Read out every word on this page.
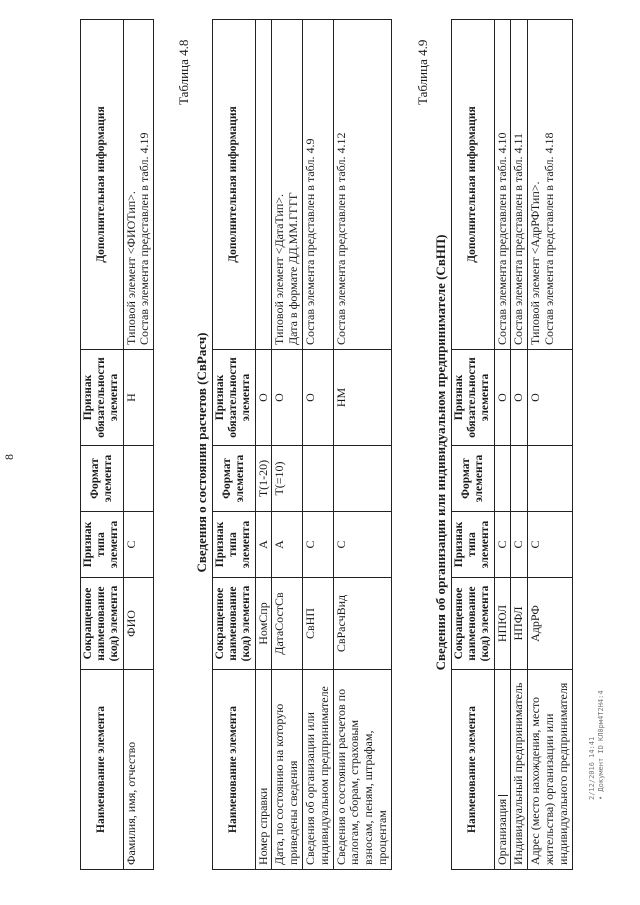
8
Наименование элемента	Сокращенное наименование (код) элемента	Признак типа элемента	Формат элемента	Признак обязательности элемента	Дополнительная информация
Фамилия, имя, отчество	ФИО	С		Н	Типовой элемент <ФИОТип>. Состав элемента представлен в табл. 4.19
Таблица 4.8
Сведения о состоянии расчетов (СвРасч)
Наименование элемента	Сокращенное наименование (код) элемента	Признак типа элемента	Формат элемента	Признак обязательности элемента	Дополнительная информация
Номер справки	НомСпр	А	Т(1-20)	О	
Дата, по состоянию на которую приведены сведения	ДатаСостСв	А	Т(=10)	О	Типовой элемент <ДатаТип>. Дата в формате ДД.ММ.ГГГГ

Сведения об организации или индивидуальном предпринимателе	СвНП	С		О	Состав элемента представлен в табл. 4.9

Сведения о состоянии расчетов по налогам, сборам, страховым взносам, пеням, штрафам, процентам	СвРасчВид	С		НМ	Состав элемента представлен в табл. 4.12
Таблица 4.9
Сведения об организации или индивидуальном предпринимателе (СвНП)
Наименование элемента	Сокращенное наименование (код) элемента	Признак типа элемента	Формат элемента	Признак обязательности элемента	Дополнительная информация
Организация	НПЮЛ	С		О	Состав элемента представлен в табл. 4.10

Индивидуальный предприниматель	НПФЛ	С		О	Состав элемента представлен в табл. 4.11

Адрес (место нахождения, место жительства) организации или индивидуального предпринимателя	АдрРФ	С		О	Типовой элемент <АдрРФТип>. Состав элемента представлен в табл. 4.18
2/12/2016 14:41 • Документ ID КЛ0рм4Т2Н4:4
